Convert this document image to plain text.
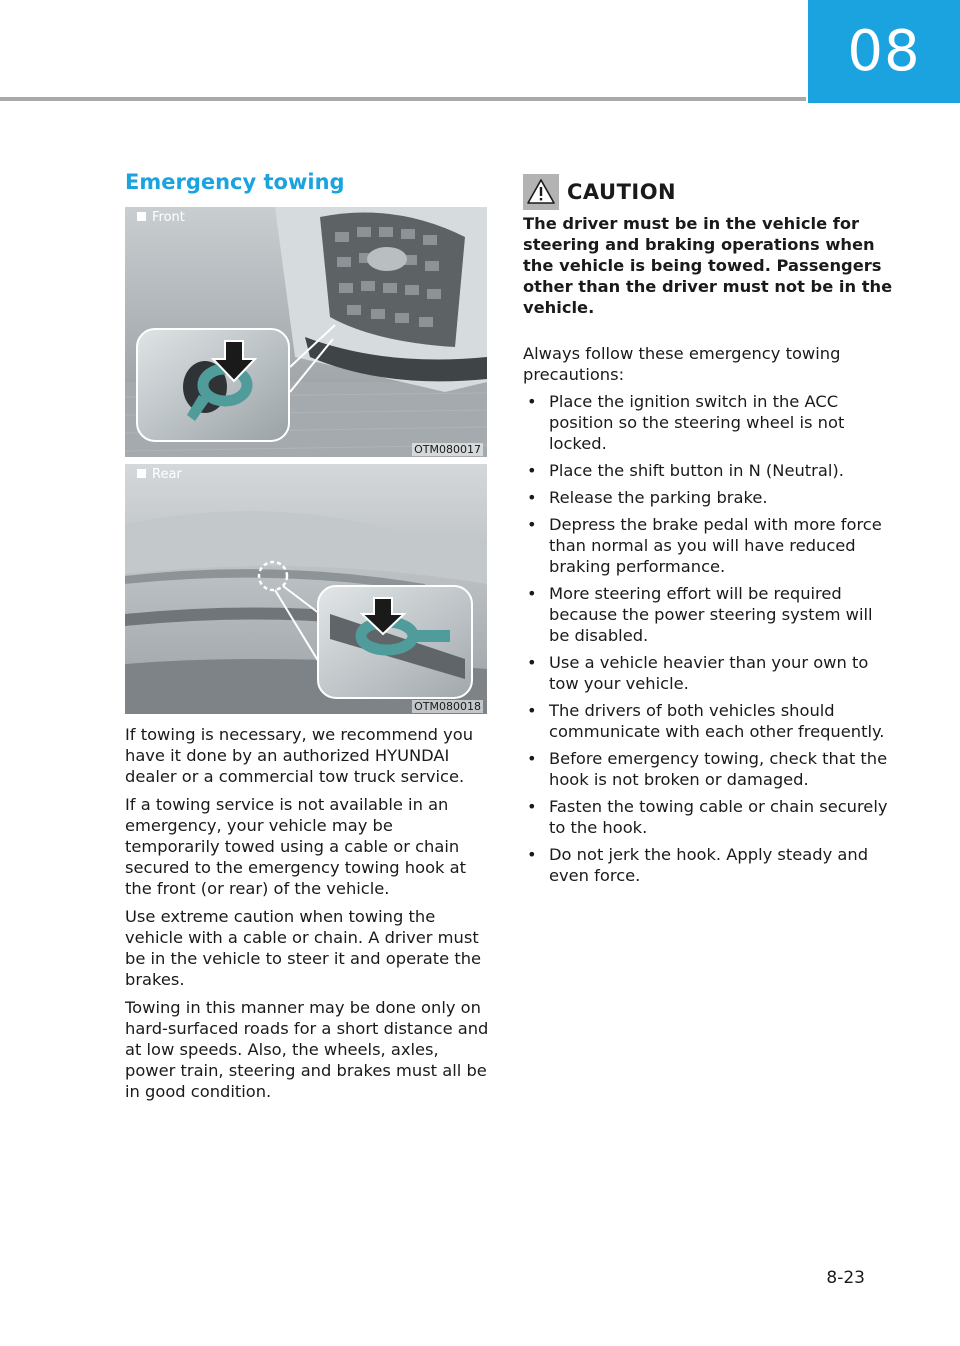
08
Emergency towing
Front
OTM080017
Rear
OTM080018

If towing is necessary, we recommend you have it done by an authorized HYUNDAI dealer or a commercial tow truck service.

If a towing service is not available in an emergency, your vehicle may be temporarily towed using a cable or chain secured to the emergency towing hook at the front (or rear) of the vehicle.

Use extreme caution when towing the vehicle with a cable or chain. A driver must be in the vehicle to steer it and operate the brakes.

Towing in this manner may be done only on hard-surfaced roads for a short distance and at low speeds. Also, the wheels, axles, power train, steering and brakes must all be in good condition.

CAUTION

The driver must be in the vehicle for steering and braking operations when the vehicle is being towed. Passengers other than the driver must not be in the vehicle.

Always follow these emergency towing precautions:

• Place the ignition switch in the ACC position so the steering wheel is not locked.
• Place the shift button in N (Neutral).
• Release the parking brake.
• Depress the brake pedal with more force than normal as you will have reduced braking performance.
• More steering effort will be required because the power steering system will be disabled.
• Use a vehicle heavier than your own to tow your vehicle.
• The drivers of both vehicles should communicate with each other frequently.
• Before emergency towing, check that the hook is not broken or damaged.
• Fasten the towing cable or chain securely to the hook.
• Do not jerk the hook. Apply steady and even force.
8-23
